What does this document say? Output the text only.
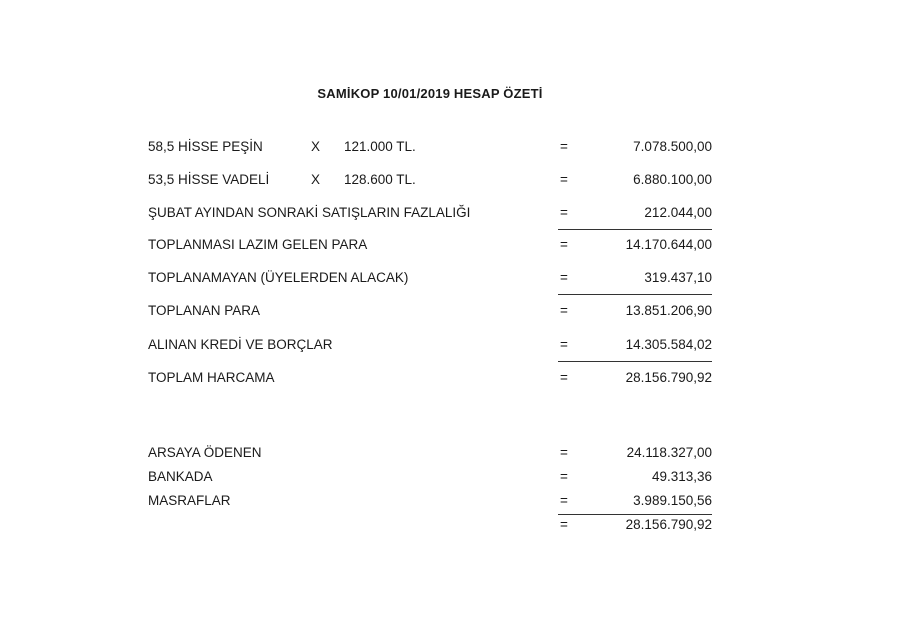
SAMİKOP 10/01/2019 HESAP ÖZETİ
58,5 HİSSE PEŞİN	X 121.000 TL.	=	7.078.500,00
53,5 HİSSE VADELİ	X 128.600 TL.	=	6.880.100,00
ŞUBAT AYINDAN SONRAKİ SATIŞLARIN FAZLALIĞI	=	212.044,00
TOPLANMASI LAZIM GELEN PARA	=	14.170.644,00
TOPLANAMAYAN (ÜYELERDEN ALACAK)	=	319.437,10
TOPLANAN PARA	=	13.851.206,90
ALINAN KREDİ VE BORÇLAR	=	14.305.584,02
TOPLAM HARCAMA	=	28.156.790,92
ARSAYA ÖDENEN	=	24.118.327,00
BANKADA	=	49.313,36
MASRAFLAR	=	3.989.150,56
=	28.156.790,92
